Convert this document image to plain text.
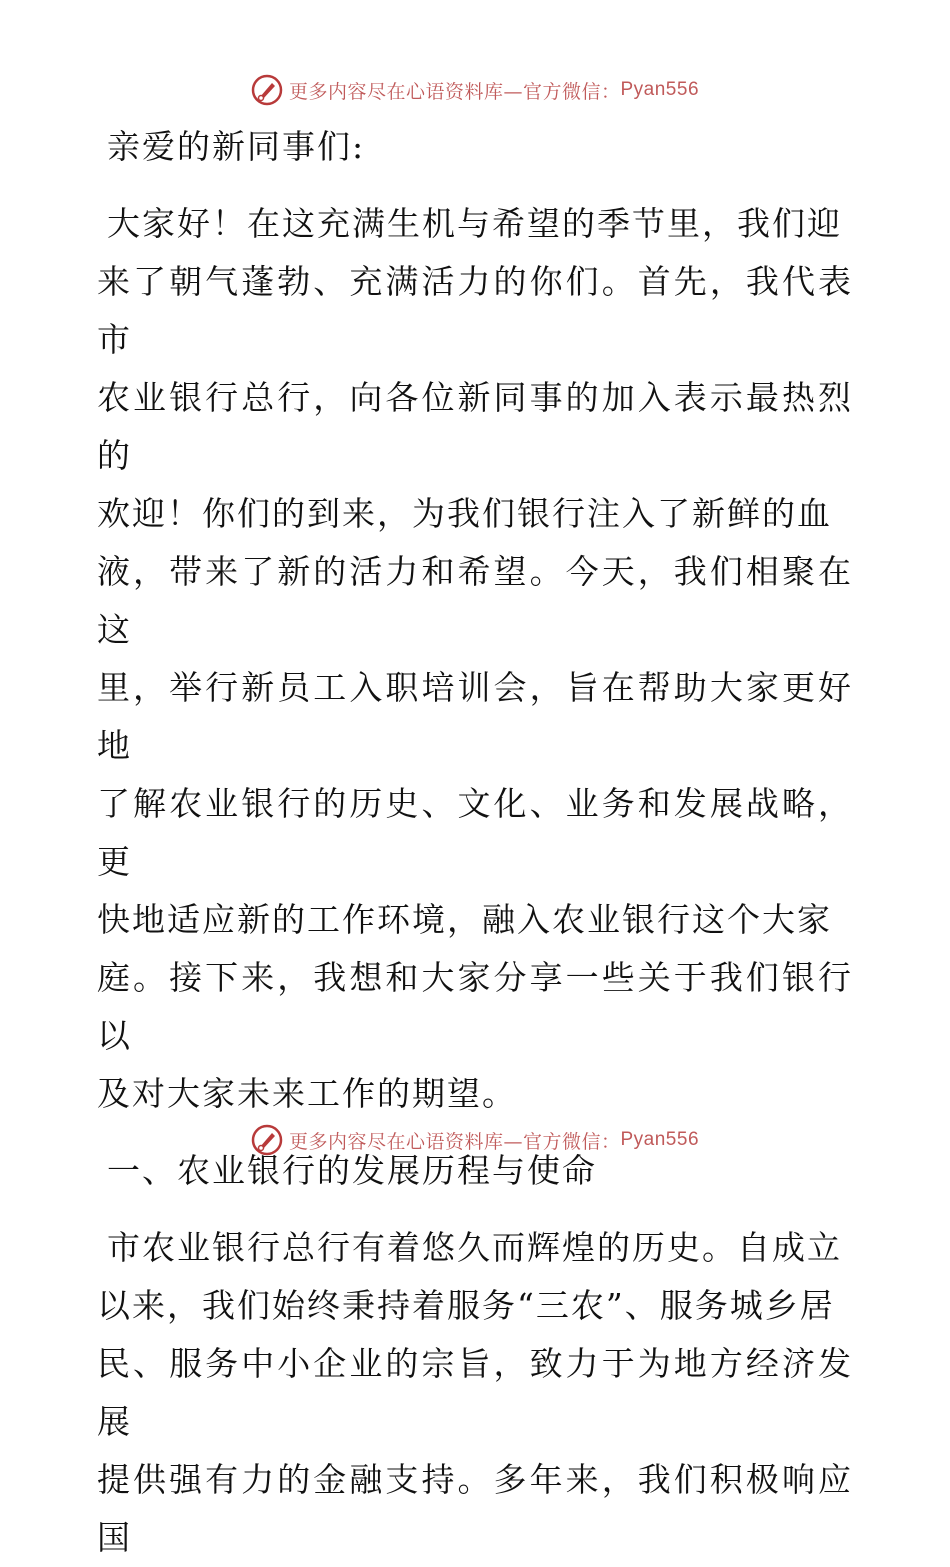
更多内容尽在心语资料库—官方微信： Pyan556

亲爱的新同事们:

大家好！在这充满生机与希望的季节里，我们迎

来了朝气蓬勃、充满活力的你们。首先，我代表市

农业银行总行，向各位新同事的加入表示最热烈的

欢迎！你们的到来，为我们银行注入了新鲜的血

液，带来了新的活力和希望。今天，我们相聚在这

里，举行新员工入职培训会，旨在帮助大家更好地

了解农业银行的历史、文化、业务和发展战略，更

快地适应新的工作环境，融入农业银行这个大家

庭。接下来，我想和大家分享一些关于我们银行以

及对大家未来工作的期望。

一、农业银行的发展历程与使命

市农业银行总行有着悠久而辉煌的历史。自成立

以来，我们始终秉持着服务“三农”、服务城乡居

民、服务中小企业的宗旨，致力于为地方经济发展

提供强有力的金融支持。多年来，我们积极响应国

更多内容尽在心语资料库—官方微信： Pyan556
